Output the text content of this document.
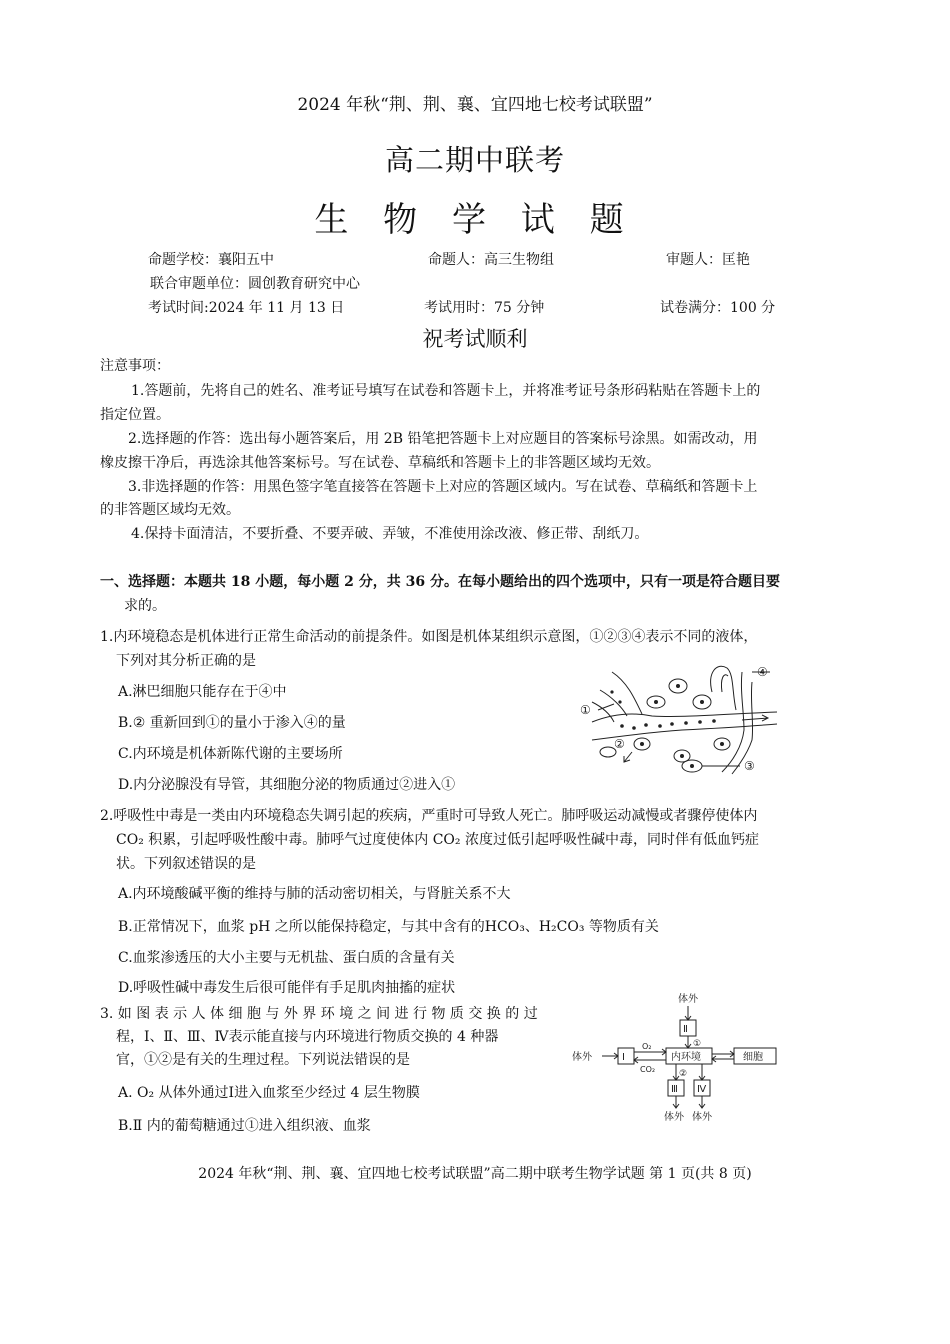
2024 年秋“荆、荆、襄、宜四地七校考试联盟”
高二期中联考
生 物 学 试 题
命题学校：襄阳五中	命题人：高三生物组	审题人：匡艳
联合审题单位：圆创教育研究中心
考试时间:2024 年 11 月 13 日	考试用时：75 分钟	试卷满分：100 分
祝考试顺利
注意事项：
1.答题前，先将自己的姓名、准考证号填写在试卷和答题卡上，并将准考证号条形码粘贴在答题卡上的
指定位置。
2.选择题的作答：选出每小题答案后，用 2B 铅笔把答题卡上对应题目的答案标号涂黑。如需改动，用
橡皮擦干净后，再选涂其他答案标号。写在试卷、草稿纸和答题卡上的非答题区域均无效。
3.非选择题的作答：用黑色签字笔直接答在答题卡上对应的答题区域内。写在试卷、草稿纸和答题卡上
的非答题区域均无效。
4.保持卡面清洁，不要折叠、不要弄破、弄皱，不准使用涂改液、修正带、刮纸刀。
一、选择题：本题共 18 小题，每小题 2 分，共 36 分。在每小题给出的四个选项中，只有一项是符合题目要
求的。
1.内环境稳态是机体进行正常生命活动的前提条件。如图是机体某组织示意图，①②③④表示不同的液体，
下列对其分析正确的是
A.淋巴细胞只能存在于④中
B.② 重新回到①的量小于渗入④的量
C.内环境是机体新陈代谢的主要场所
D.内分泌腺没有导管，其细胞分泌的物质通过②进入①
①
②
③
④
2.呼吸性中毒是一类由内环境稳态失调引起的疾病，严重时可导致人死亡。肺呼吸运动减慢或者骤停使体内
CO₂ 积累，引起呼吸性酸中毒。肺呼气过度使体内 CO₂ 浓度过低引起呼吸性碱中毒，同时伴有低血钙症
状。下列叙述错误的是
A.内环境酸碱平衡的维持与肺的活动密切相关，与肾脏关系不大
B.正常情况下，血浆 pH 之所以能保持稳定，与其中含有的HCO₃、H₂CO₃ 等物质有关
C.血浆渗透压的大小主要与无机盐、蛋白质的含量有关
D.呼吸性碱中毒发生后很可能伴有手足肌肉抽搐的症状
3. 如 图 表 示 人 体 细 胞 与 外 界 环 境 之 间 进 行 物 质 交 换 的 过
程，Ⅰ、Ⅱ、Ⅲ、Ⅳ表示能直接与内环境进行物质交换的 4 种器
官，①②是有关的生理过程。下列说法错误的是
A. O₂ 从体外通过Ⅰ进入血浆至少经过 4 层生物膜
B.Ⅱ 内的葡萄糖通过①进入组织液、血浆
体外
体外
体外 体外
Ⅱ
Ⅰ
Ⅲ Ⅳ
内环境	细胞
O₂
CO₂
①
②
2024 年秋“荆、荆、襄、宜四地七校考试联盟”高二期中联考生物学试题 第 1 页(共 8 页)
